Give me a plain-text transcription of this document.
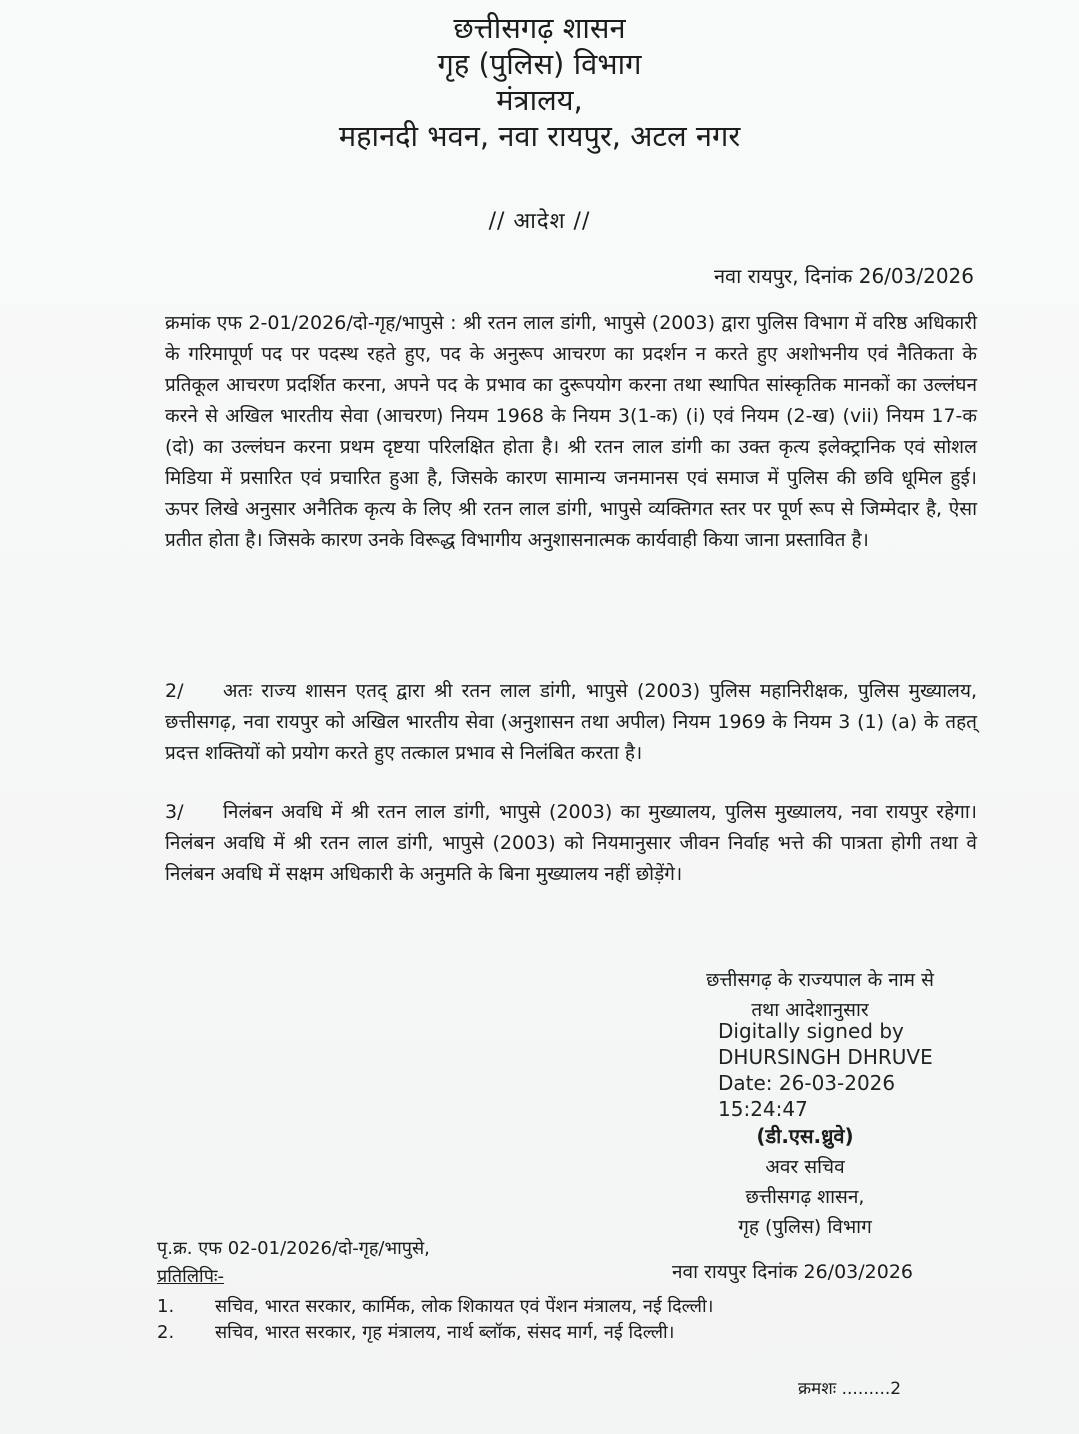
छत्तीसगढ़ शासन
गृह (पुलिस) विभाग
मंत्रालय,
महानदी भवन, नवा रायपुर, अटल नगर
// आदेश //
नवा रायपुर, दिनांक 26/03/2026
क्रमांक एफ 2-01/2026/दो-गृह/भापुसे : श्री रतन लाल डांगी, भापुसे (2003) द्वारा पुलिस विभाग में वरिष्ठ अधिकारी के गरिमापूर्ण पद पर पदस्थ रहते हुए, पद के अनुरूप आचरण का प्रदर्शन न करते हुए अशोभनीय एवं नैतिकता के प्रतिकूल आचरण प्रदर्शित करना, अपने पद के प्रभाव का दुरूपयोग करना तथा स्थापित सांस्कृतिक मानकों का उल्लंघन करने से अखिल भारतीय सेवा (आचरण) नियम 1968 के नियम 3(1-क) (i) एवं नियम (2-ख) (vii) नियम 17-क (दो) का उल्लंघन करना प्रथम दृष्टया परिलक्षित होता है। श्री रतन लाल डांगी का उक्त कृत्य इलेक्ट्रानिक एवं सोशल मिडिया में प्रसारित एवं प्रचारित हुआ है, जिसके कारण सामान्य जनमानस एवं समाज में पुलिस की छवि धूमिल हुई। ऊपर लिखे अनुसार अनैतिक कृत्य के लिए श्री रतन लाल डांगी, भापुसे व्यक्तिगत स्तर पर पूर्ण रूप से जिम्मेदार है, ऐसा प्रतीत होता है। जिसके कारण उनके विरूद्ध विभागीय अनुशासनात्मक कार्यवाही किया जाना प्रस्तावित है।
2/ अतः राज्य शासन एतद् द्वारा श्री रतन लाल डांगी, भापुसे (2003) पुलिस महानिरीक्षक, पुलिस मुख्यालय, छत्तीसगढ़, नवा रायपुर को अखिल भारतीय सेवा (अनुशासन तथा अपील) नियम 1969 के नियम 3 (1) (a) के तहत् प्रदत्त शक्तियों को प्रयोग करते हुए तत्काल प्रभाव से निलंबित करता है।
3/ निलंबन अवधि में श्री रतन लाल डांगी, भापुसे (2003) का मुख्यालय, पुलिस मुख्यालय, नवा रायपुर रहेगा। निलंबन अवधि में श्री रतन लाल डांगी, भापुसे (2003) को नियमानुसार जीवन निर्वाह भत्ते की पात्रता होगी तथा वे निलंबन अवधि में सक्षम अधिकारी के अनुमति के बिना मुख्यालय नहीं छोड़ेंगे।
छत्तीसगढ़ के राज्यपाल के नाम से
तथा आदेशानुसार
Digitally signed by
DHURSINGH DHRUVE
Date: 26-03-2026
15:24:47
(डी.एस.ध्रुवे)
अवर सचिव
छत्तीसगढ़ शासन,
गृह (पुलिस) विभाग
पृ.क्र. एफ 02-01/2026/दो-गृह/भापुसे,
नवा रायपुर दिनांक 26/03/2026
प्रतिलिपिः-
1.	सचिव, भारत सरकार, कार्मिक, लोक शिकायत एवं पेंशन मंत्रालय, नई दिल्ली।
2.	सचिव, भारत सरकार, गृह मंत्रालय, नार्थ ब्लॉक, संसद मार्ग, नई दिल्ली।
क्रमशः .........2
